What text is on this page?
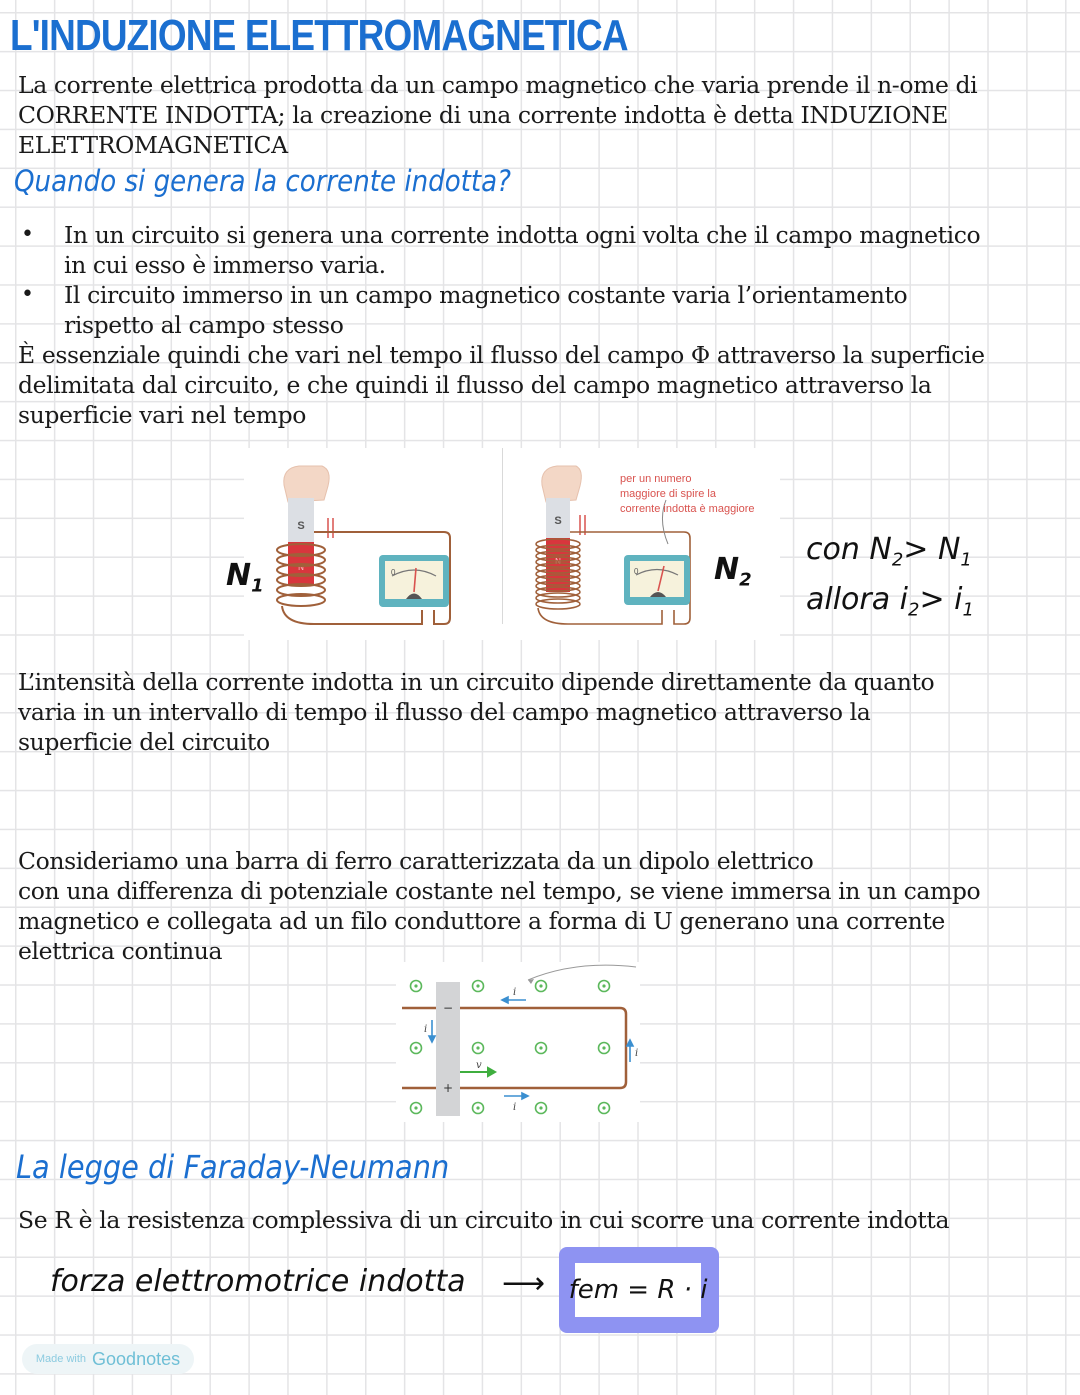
L'INDUZIONE ELETTROMAGNETICA
La corrente elettrica prodotta da un campo magnetico che varia prende il n-ome di
CORRENTE INDOTTA; la creazione di una corrente indotta è detta INDUZIONE
ELETTROMAGNETICA
Quando si genera la corrente indotta?
• In un circuito si genera una corrente indotta ogni volta che il campo magnetico
in cui esso è immerso varia.
• Il circuito immerso in un campo magnetico costante varia l’orientamento
rispetto al campo stesso
È essenziale quindi che vari nel tempo il flusso del campo Φ attraverso la superficie
delimitata dal circuito, e che quindi il flusso del campo magnetico attraverso la
superficie vari nel tempo
S
N
0
$N_1$
S
N
0
per un numero
maggiore di spire la
corrente indotta è maggiore
$N_2$
con $N_2> N_1$
allora $i_2> i_1$
L’intensità della corrente indotta in un circuito dipende direttamente da quanto
varia in un intervallo di tempo il flusso del campo magnetico attraverso la
superficie del circuito
Consideriamo una barra di ferro caratterizzata da un dipolo elettrico
con una differenza di potenziale costante nel tempo, se viene immersa in un campo
magnetico e collegata ad un filo conduttore a forma di U generano una corrente
elettrica continua
−
+
i
i
i
i
v
La legge di Faraday-Neumann
Se R è la resistenza complessiva di un circuito in cui scorre una corrente indotta
forza elettromotrice indotta ⟶ fem = R · i
Made with Goodnotes
